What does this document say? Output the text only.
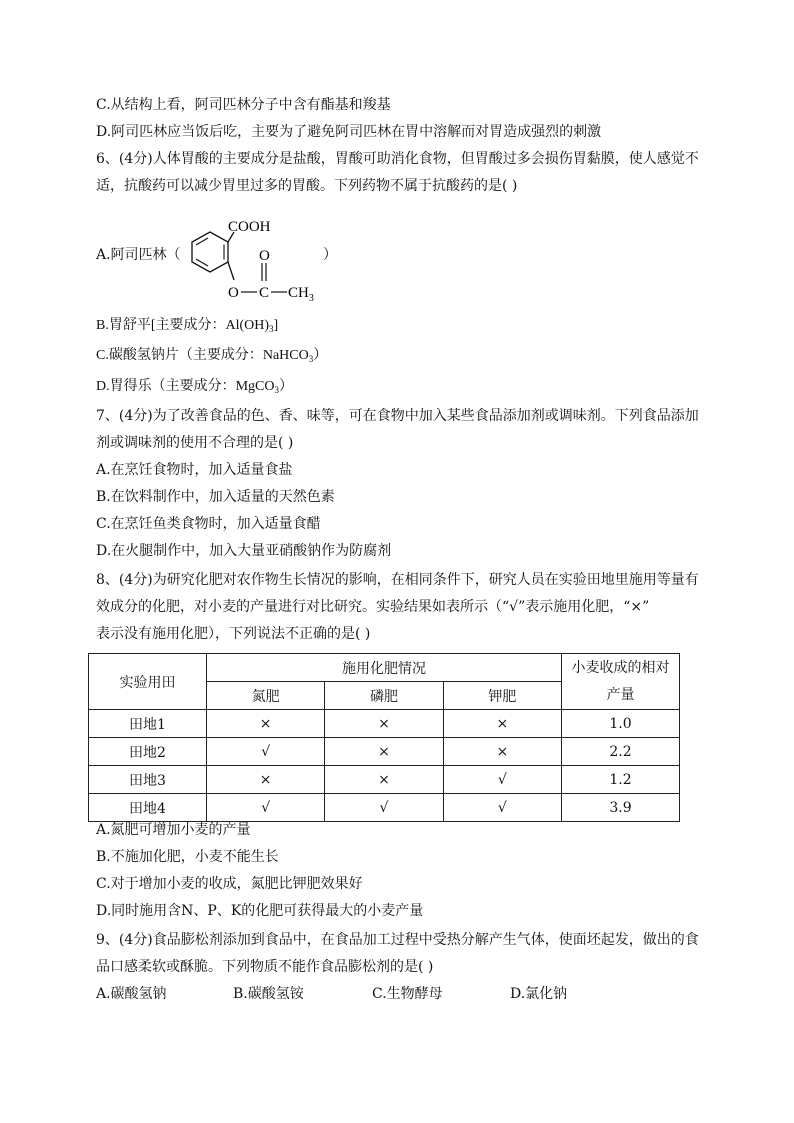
C.从结构上看，阿司匹林分子中含有酯基和羧基
D.阿司匹林应当饭后吃，主要为了避免阿司匹林在胃中溶解而对胃造成强烈的刺激
6、(4分)人体胃酸的主要成分是盐酸，胃酸可助消化食物，但胃酸过多会损伤胃黏膜，使人感觉不
适，抗酸药可以减少胃里过多的胃酸。下列药物不属于抗酸药的是( )
A.阿司匹林（
COOH
O C
O
$CH_3$
）
B.胃舒平[主要成分：$Al(OH)_3$]
C.碳酸氢钠片（主要成分：NaHCO$_3$）
D.胃得乐（主要成分：MgCO$_3$）
7、(4分)为了改善食品的色、香、味等，可在食物中加入某些食品添加剂或调味剂。下列食品添加
剂或调味剂的使用不合理的是( )
A.在烹饪食物时，加入适量食盐
B.在饮料制作中，加入适量的天然色素
C.在烹饪鱼类食物时，加入适量食醋
D.在火腿制作中，加入大量亚硝酸钠作为防腐剂
8、(4分)为研究化肥对农作物生长情况的影响，在相同条件下，研究人员在实验田地里施用等量有
效成分的化肥，对小麦的产量进行对比研究。实验结果如表所示（“√”表示施用化肥，“×”
表示没有施用化肥），下列说法不正确的是( )
实验用田	施用化肥情况			小麦收成的相对
产量

	氮肥	磷肥	钾肥	
田地1	×	×	×	1.0
田地2	√	×	×	2.2
田地3	×	×	√	1.2
田地4	√	√	√	3.9
A.氮肥可增加小麦的产量
B.不施加化肥，小麦不能生长
C.对于增加小麦的收成，氮肥比钾肥效果好
D.同时施用含N、P、K的化肥可获得最大的小麦产量
9、(4分)食品膨松剂添加到食品中，在食品加工过程中受热分解产生气体，使面坯起发，做出的食
品口感柔软或酥脆。下列物质不能作食品膨松剂的是( )
A.碳酸氢钠	B.碳酸氢铵	C.生物酵母	D.氯化钠
